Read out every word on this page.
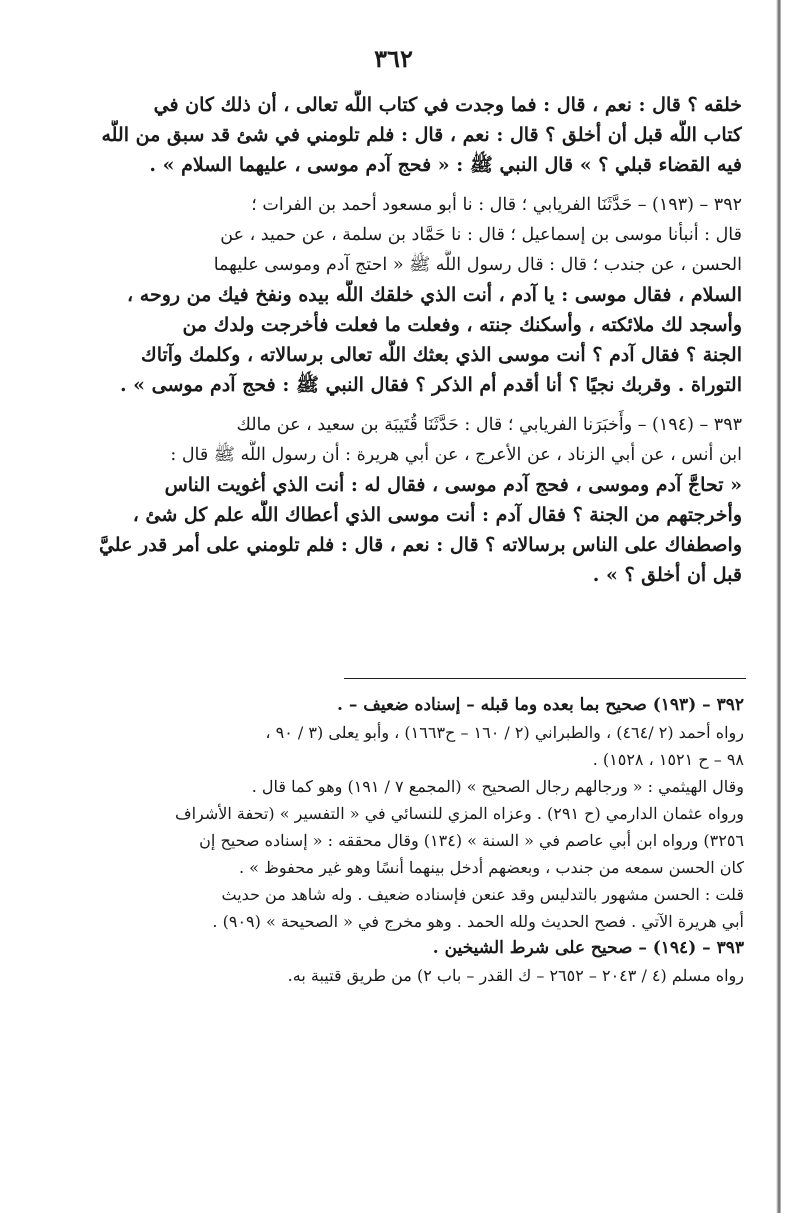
٣٦٢
خلقه ؟ قال : نعم ، قال : فما وجدت في كتاب اللَّه تعالى ، أن ذلك كان في
كتاب اللَّه قبل أن أخلق ؟ قال : نعم ، قال : فلم تلومني في شئ قد سبق من اللَّه
فيه القضاء قبلي ؟ » قال النبي ﷺ : « فحج آدم موسى ، عليهما السلام » .
٣٩٢ – (١٩٣) – حَدَّثَنَا الفريابي ؛ قال : نا أبو مسعود أحمد بن الفرات ؛
قال : أنبأنا موسى بن إسماعيل ؛ قال : نا حَمَّاد بن سلمة ، عن حميد ، عن
الحسن ، عن جندب ؛ قال : قال رسول اللَّه ﷺ « احتج آدم وموسى عليهما
السلام ، فقال موسى : يا آدم ، أنت الذي خلقك اللَّه بيده ونفخ فيك من روحه ،
وأسجد لك ملائكته ، وأسكنك جنته ، وفعلت ما فعلت فأخرجت ولدك من
الجنة ؟ فقال آدم ؟ أنت موسى الذي بعثك اللَّه تعالى برسالاته ، وكلمك وآتاك
التوراة . وقربك نجيًا ؟ أنا أقدم أم الذكر ؟ فقال النبي ﷺ : فحج آدم موسى » .
٣٩٣ – (١٩٤) – وأَخبَرَنا الفريابي ؛ قال : حَدَّثَنَا قُتَيبَة بن سعيد ، عن مالك
ابن أنس ، عن أبي الزناد ، عن الأعرج ، عن أبي هريرة : أن رسول اللَّه ﷺ قال :
« تحاجَّ آدم وموسى ، فحج آدم موسى ، فقال له : أنت الذي أغويت الناس
وأخرجتهم من الجنة ؟ فقال آدم : أنت موسى الذي أعطاك اللَّه علم كل شئ ،
واصطفاك على الناس برسالاته ؟ قال : نعم ، قال : فلم تلومني على أمر قدر عليَّ
قبل أن أخلق ؟ » .
٣٩٢ – (١٩٣) صحيح بما بعده وما قبله – إسناده ضعيف – .
رواه أحمد (٢ /٤٦٤) ، والطبراني (٢ / ١٦٠ – ح١٦٦٣) ، وأبو يعلى (٣ / ٩٠ ،
٩٨ – ح ١٥٢١ ، ١٥٢٨) .
وقال الهيثمي : « ورجالهم رجال الصحيح » (المجمع ٧ / ١٩١) وهو كما قال .
ورواه عثمان الدارمي (ح ٢٩١) . وعزاه المزي للنسائي في « التفسير » (تحفة الأشراف
٣٢٥٦) ورواه ابن أبي عاصم في « السنة » (١٣٤) وقال محققه : « إسناده صحيح إن
كان الحسن سمعه من جندب ، وبعضهم أدخل بينهما أنسًا وهو غير محفوظ » .
قلت : الحسن مشهور بالتدليس وقد عنعن فإسناده ضعيف . وله شاهد من حديث
أبي هريرة الآتي . فصح الحديث ولله الحمد . وهو مخرج في « الصحيحة » (٩٠٩) .
٣٩٣ – (١٩٤) – صحيح على شرط الشيخين .
رواه مسلم (٤ / ٢٠٤٣ – ٢٦٥٢ – ك القدر – باب ٢) من طريق قتيبة به.
